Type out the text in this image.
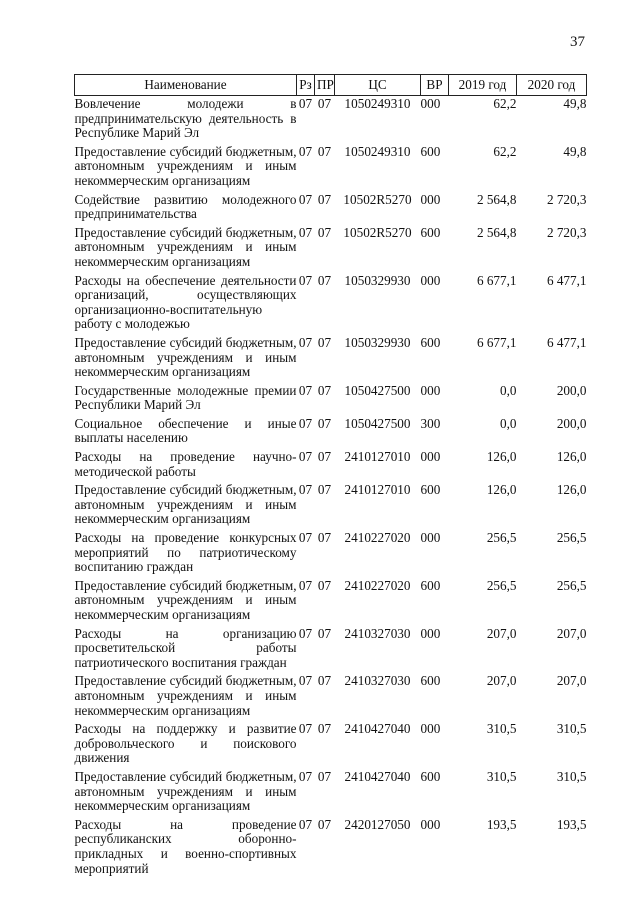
37
Наименование	Рз	ПР	ЦС	ВР	2019 год	2020 год
Вовлечение молодежи в предпринимательскую деятельность в Республике Марий Эл	07	07	1050249310	000	62,2	49,8
Предоставление субсидий бюджетным, автономным учреждениям и иным некоммерческим организациям	07	07	1050249310	600	62,2	49,8
Содействие развитию молодежного предпринимательства	07	07	10502R5270	000	2 564,8	2 720,3
Предоставление субсидий бюджетным, автономным учреждениям и иным некоммерческим организациям	07	07	10502R5270	600	2 564,8	2 720,3
Расходы на обеспечение деятельности организаций, осуществляющих организационно-воспитательную работу с молодежью	07	07	1050329930	000	6 677,1	6 477,1
Предоставление субсидий бюджетным, автономным учреждениям и иным некоммерческим организациям	07	07	1050329930	600	6 677,1	6 477,1
Государственные молодежные премии Республики Марий Эл	07	07	1050427500	000	0,0	200,0
Социальное обеспечение и иные выплаты населению	07	07	1050427500	300	0,0	200,0
Расходы на проведение научно-методической работы	07	07	2410127010	000	126,0	126,0
Предоставление субсидий бюджетным, автономным учреждениям и иным некоммерческим организациям	07	07	2410127010	600	126,0	126,0
Расходы на проведение конкурсных мероприятий по патриотическому воспитанию граждан	07	07	2410227020	000	256,5	256,5
Предоставление субсидий бюджетным, автономным учреждениям и иным некоммерческим организациям	07	07	2410227020	600	256,5	256,5
Расходы на организацию просветительской работы патриотического воспитания граждан	07	07	2410327030	000	207,0	207,0
Предоставление субсидий бюджетным, автономным учреждениям и иным некоммерческим организациям	07	07	2410327030	600	207,0	207,0
Расходы на поддержку и развитие добровольческого и поискового движения	07	07	2410427040	000	310,5	310,5
Предоставление субсидий бюджетным, автономным учреждениям и иным некоммерческим организациям	07	07	2410427040	600	310,5	310,5
Расходы на проведение республиканских оборонно-прикладных и военно-спортивных мероприятий	07	07	2420127050	000	193,5	193,5
